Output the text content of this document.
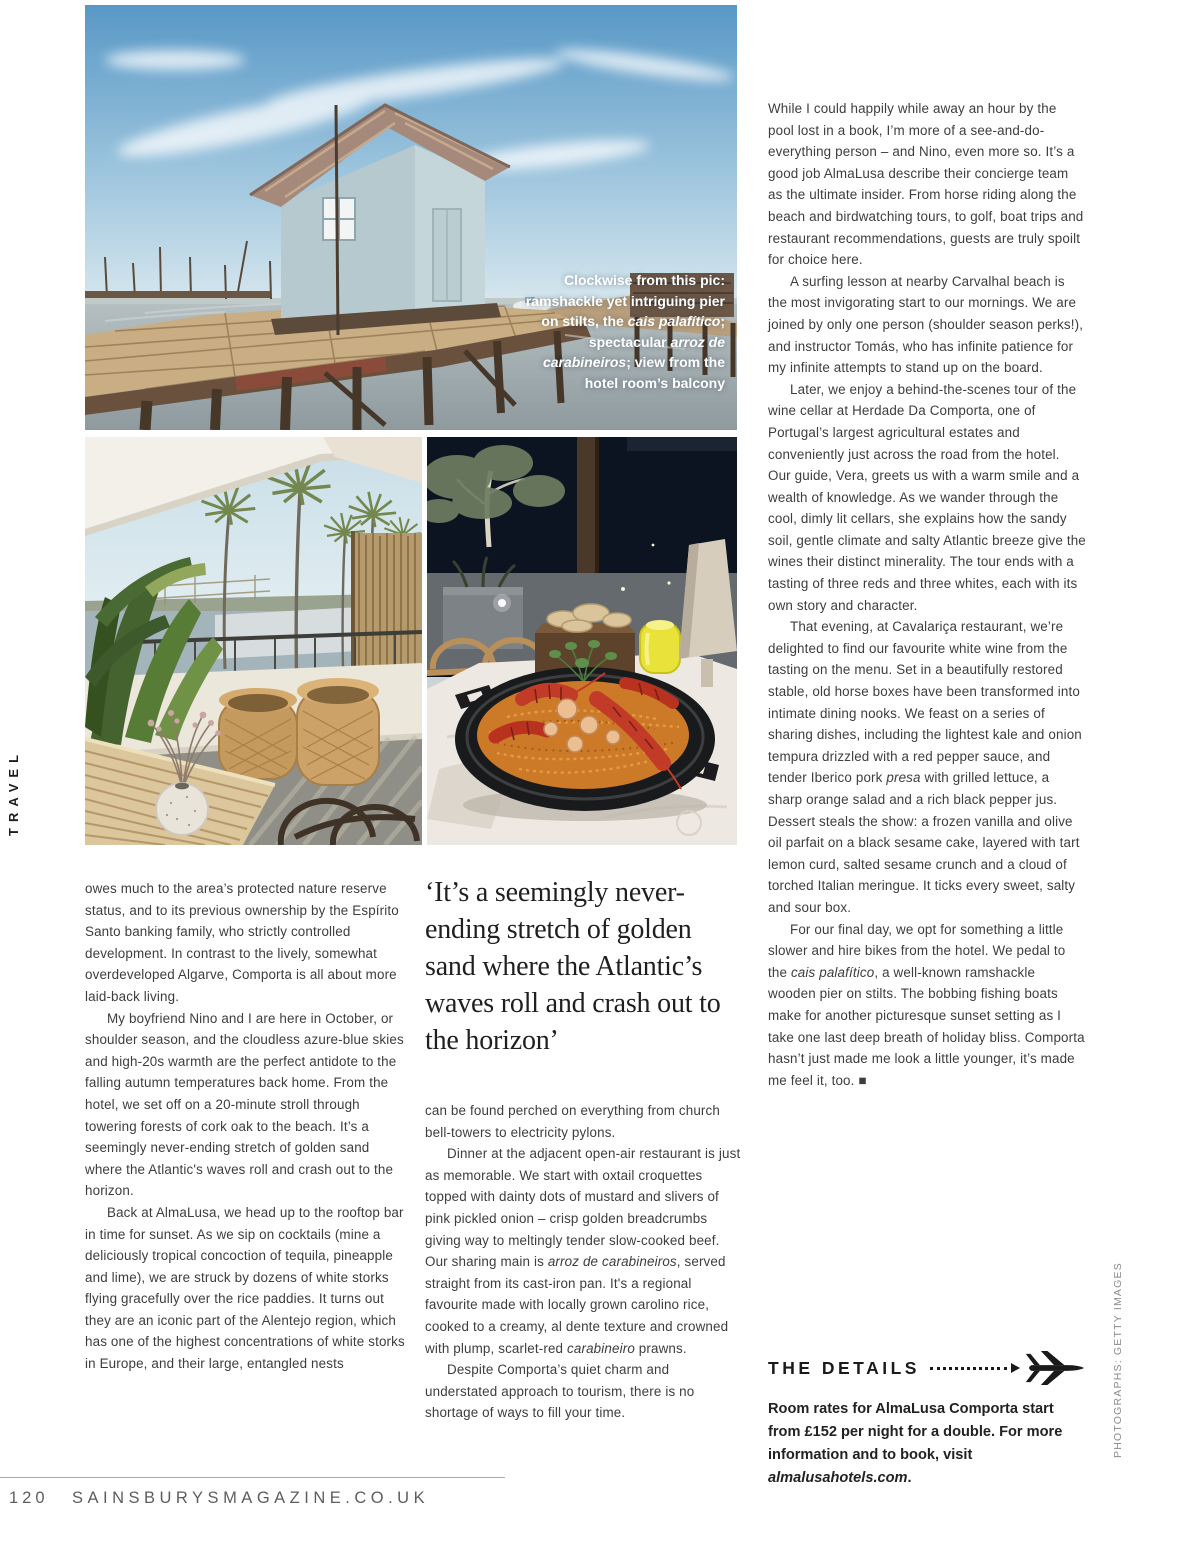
TRAVEL
Clockwise from this pic: ramshackle yet intriguing pier on stilts, the cais palafítico; spectacular arroz de carabineiros; view from the hotel room’s balcony

owes much to the area’s protected nature reserve status, and to its previous ownership by the Espírito Santo banking family, who strictly controlled development. In contrast to the lively, somewhat overdeveloped Algarve, Comporta is all about more laid-back living.

My boyfriend Nino and I are here in October, or shoulder season, and the cloudless azure-blue skies and high-20s warmth are the perfect antidote to the falling autumn temperatures back home. From the hotel, we set off on a 20-minute stroll through towering forests of cork oak to the beach. It’s a seemingly never-ending stretch of golden sand where the Atlantic's waves roll and crash out to the horizon.

Back at AlmaLusa, we head up to the rooftop bar in time for sunset. As we sip on cocktails (mine a deliciously tropical concoction of tequila, pineapple and lime), we are struck by dozens of white storks flying gracefully over the rice paddies. It turns out they are an iconic part of the Alentejo region, which has one of the highest concentrations of white storks in Europe, and their large, entangled nests

‘It’s a seemingly never-ending stretch of golden sand where the Atlantic’s waves roll and crash out to the horizon’

can be found perched on everything from church bell-towers to electricity pylons.

Dinner at the adjacent open-air restaurant is just as memorable. We start with oxtail croquettes topped with dainty dots of mustard and slivers of pink pickled onion – crisp golden breadcrumbs giving way to meltingly tender slow-cooked beef. Our sharing main is arroz de carabineiros, served straight from its cast-iron pan. It's a regional favourite made with locally grown carolino rice, cooked to a creamy, al dente texture and crowned with plump, scarlet-red carabineiro prawns.

Despite Comporta’s quiet charm and understated approach to tourism, there is no shortage of ways to fill your time.

While I could happily while away an hour by the pool lost in a book, I’m more of a see-and-do-everything person – and Nino, even more so. It’s a good job AlmaLusa describe their concierge team as the ultimate insider. From horse riding along the beach and birdwatching tours, to golf, boat trips and restaurant recommendations, guests are truly spoilt for choice here.

A surfing lesson at nearby Carvalhal beach is the most invigorating start to our mornings. We are joined by only one person (shoulder season perks!), and instructor Tomás, who has infinite patience for my infinite attempts to stand up on the board.

Later, we enjoy a behind-the-scenes tour of the wine cellar at Herdade Da Comporta, one of Portugal’s largest agricultural estates and conveniently just across the road from the hotel. Our guide, Vera, greets us with a warm smile and a wealth of knowledge. As we wander through the cool, dimly lit cellars, she explains how the sandy soil, gentle climate and salty Atlantic breeze give the wines their distinct minerality. The tour ends with a tasting of three reds and three whites, each with its own story and character.

That evening, at Cavalariça restaurant, we’re delighted to find our favourite white wine from the tasting on the menu. Set in a beautifully restored stable, old horse boxes have been transformed into intimate dining nooks. We feast on a series of sharing dishes, including the lightest kale and onion tempura drizzled with a red pepper sauce, and tender Iberico pork presa with grilled lettuce, a sharp orange salad and a rich black pepper jus. Dessert steals the show: a frozen vanilla and olive oil parfait on a black sesame cake, layered with tart lemon curd, salted sesame crunch and a cloud of torched Italian meringue. It ticks every sweet, salty and sour box.

For our final day, we opt for something a little slower and hire bikes from the hotel. We pedal to the cais palafítico, a well-known ramshackle wooden pier on stilts. The bobbing fishing boats make for another picturesque sunset setting as I take one last deep breath of holiday bliss. Comporta hasn’t just made me look a little younger, it’s made me feel it, too. ■

THE DETAILS
Room rates for AlmaLusa Comporta start from £152 per night for a double. For more information and to book, visit almalusahotels.com.
PHOTOGRAPHS: GETTY IMAGES
120 SAINSBURYSMAGAZINE.CO.UK
